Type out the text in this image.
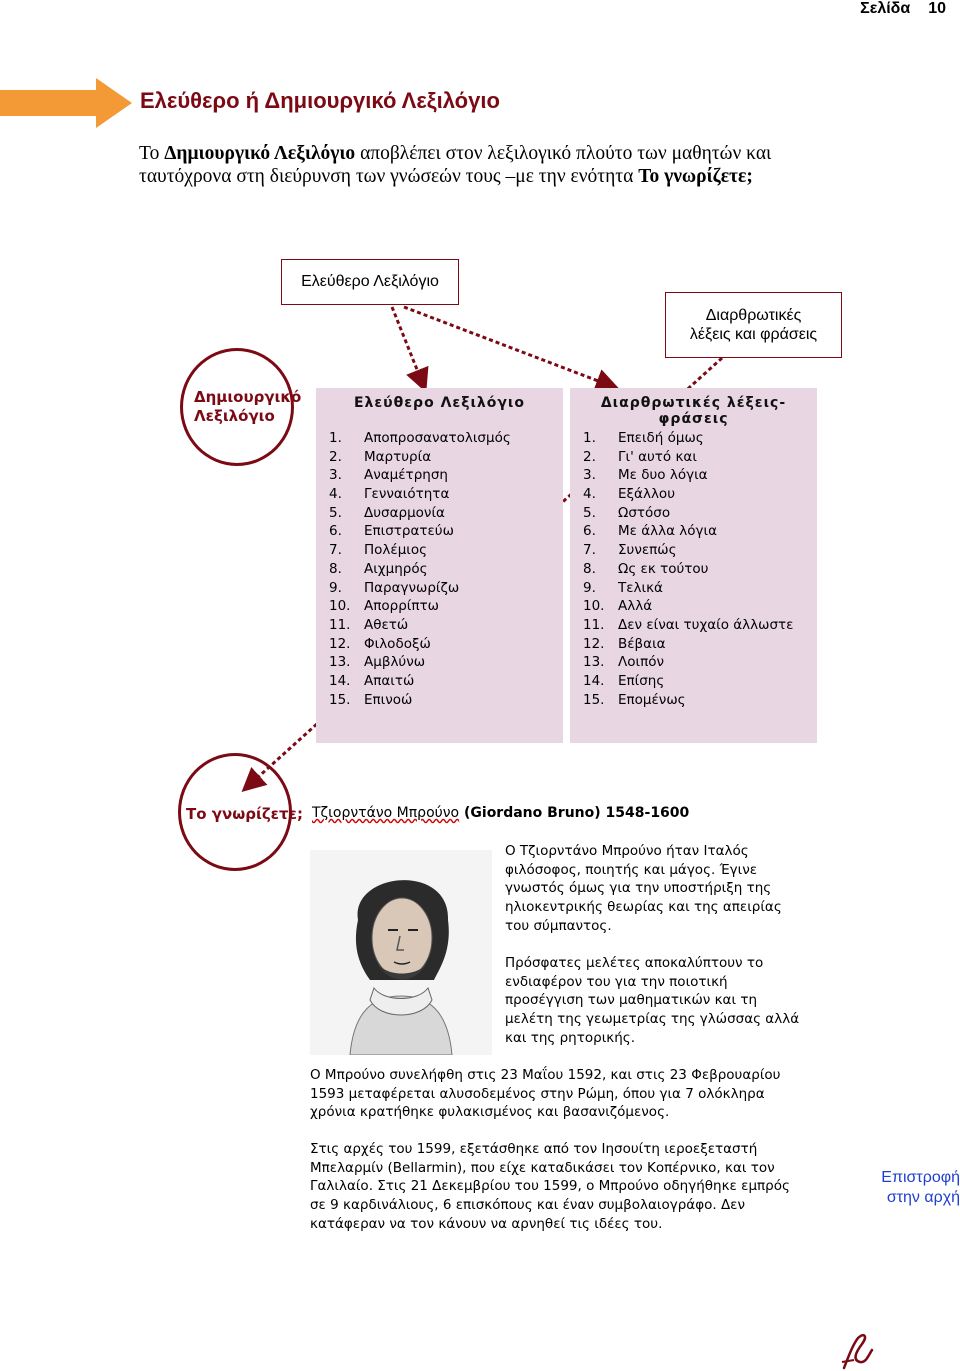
Σελίδα 10
Ελεύθερο ή Δημιουργικό Λεξιλόγιο
Το Δημιουργικό Λεξιλόγιο αποβλέπει στον λεξιλογικό πλούτο των μαθητών και ταυτόχρονα στη διεύρυνση των γνώσεών τους –με την ενότητα Το γνωρίζετε;
Ελεύθερο Λεξιλόγιο
Διαρθρωτικές
λέξεις και φράσεις
Δημιουργικό
Λεξιλόγιο
Ελεύθερο Λεξιλόγιο
1.	Αποπροσανατολισμός
2.	Μαρτυρία
3.	Αναμέτρηση
4.	Γενναιότητα
5.	Δυσαρμονία
6.	Επιστρατεύω
7.	Πολέμιος
8.	Αιχμηρός
9.	Παραγνωρίζω
10.	Απορρίπτω
11.	Αθετώ
12.	Φιλοδοξώ
13.	Αμβλύνω
14.	Απαιτώ
15.	Επινοώ
Διαρθρωτικές λέξεις-φράσεις
1.	Επειδή όμως
2.	Γι' αυτό και
3.	Με δυο λόγια
4.	Εξάλλου
5.	Ωστόσο
6.	Με άλλα λόγια
7.	Συνεπώς
8.	Ως εκ τούτου
9.	Τελικά
10.	Αλλά
11.	Δεν είναι τυχαίο άλλωστε
12.	Βέβαια
13.	Λοιπόν
14.	Επίσης
15.	Επομένως
Το γνωρίζετε; Τζιορντάνο Μπρούνο (Giordano Bruno) 1548-1600
Ο Τζιορντάνο Μπρούνο ήταν Ιταλός φιλόσοφος, ποιητής και μάγος. Έγινε γνωστός όμως για την υποστήριξη της ηλιοκεντρικής θεωρίας και της απειρίας του σύμπαντος.
Πρόσφατες μελέτες αποκαλύπτουν το ενδιαφέρον του για την ποιοτική προσέγγιση των μαθηματικών και τη μελέτη της γεωμετρίας της γλώσσας αλλά και της ρητορικής.
Ο Μπρούνο συνελήφθη στις 23 Μαΐου 1592, και στις 23 Φεβρουαρίου 1593 μεταφέρεται αλυσοδεμένος στην Ρώμη, όπου για 7 ολόκληρα χρόνια κρατήθηκε φυλακισμένος και βασανιζόμενος.
Στις αρχές του 1599, εξετάσθηκε από τον Ιησουίτη ιεροεξεταστή Μπελαρμίν (Bellarmin), που είχε καταδικάσει τον Κοπέρνικο, και τον Γαλιλαίο. Στις 21 Δεκεμβρίου του 1599, ο Μπρούνο οδηγήθηκε εμπρός σε 9 καρδινάλιους, 6 επισκόπους και έναν συμβολαιογράφο. Δεν κατάφεραν να τον κάνουν να αρνηθεί τις ιδέες του.
Επιστροφή
στην αρχή
